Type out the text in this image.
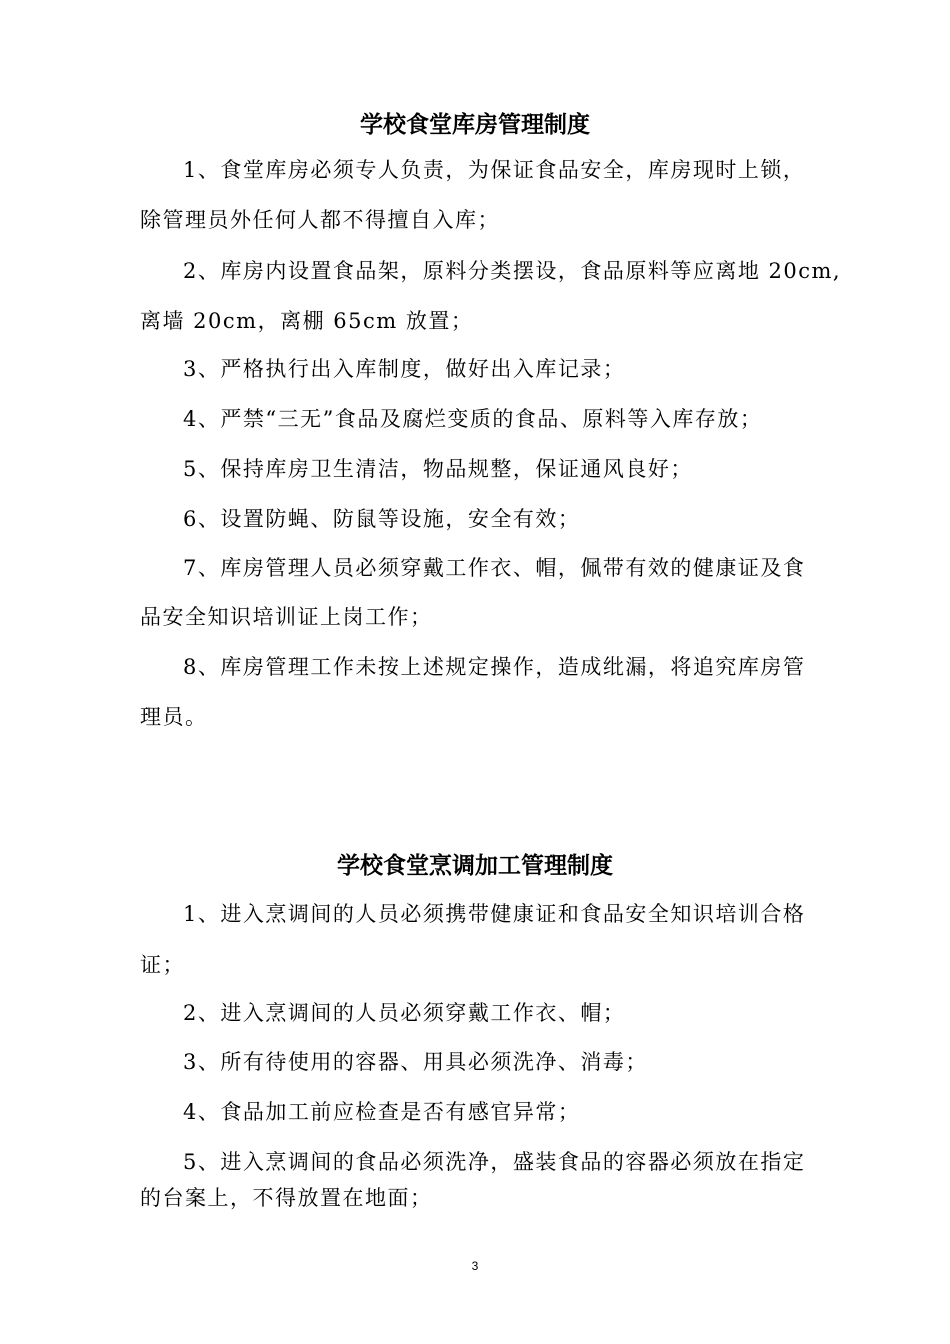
学校食堂库房管理制度

1、食堂库房必须专人负责，为保证食品安全，库房现时上锁，

除管理员外任何人都不得擅自入库；

2、库房内设置食品架，原料分类摆设，食品原料等应离地 20cm,

离墙 20cm，离棚 65cm 放置；

3、严格执行出入库制度，做好出入库记录；

4、严禁“三无”食品及腐烂变质的食品、原料等入库存放；

5、保持库房卫生清洁，物品规整，保证通风良好；

6、设置防蝇、防鼠等设施，安全有效；

7、库房管理人员必须穿戴工作衣、帽，佩带有效的健康证及食

品安全知识培训证上岗工作；

8、库房管理工作未按上述规定操作，造成纰漏，将追究库房管

理员。

学校食堂烹调加工管理制度

1、进入烹调间的人员必须携带健康证和食品安全知识培训合格

证；

2、进入烹调间的人员必须穿戴工作衣、帽；

3、所有待使用的容器、用具必须洗净、消毒；

4、食品加工前应检查是否有感官异常；

5、进入烹调间的食品必须洗净，盛装食品的容器必须放在指定

的台案上，不得放置在地面；

3
